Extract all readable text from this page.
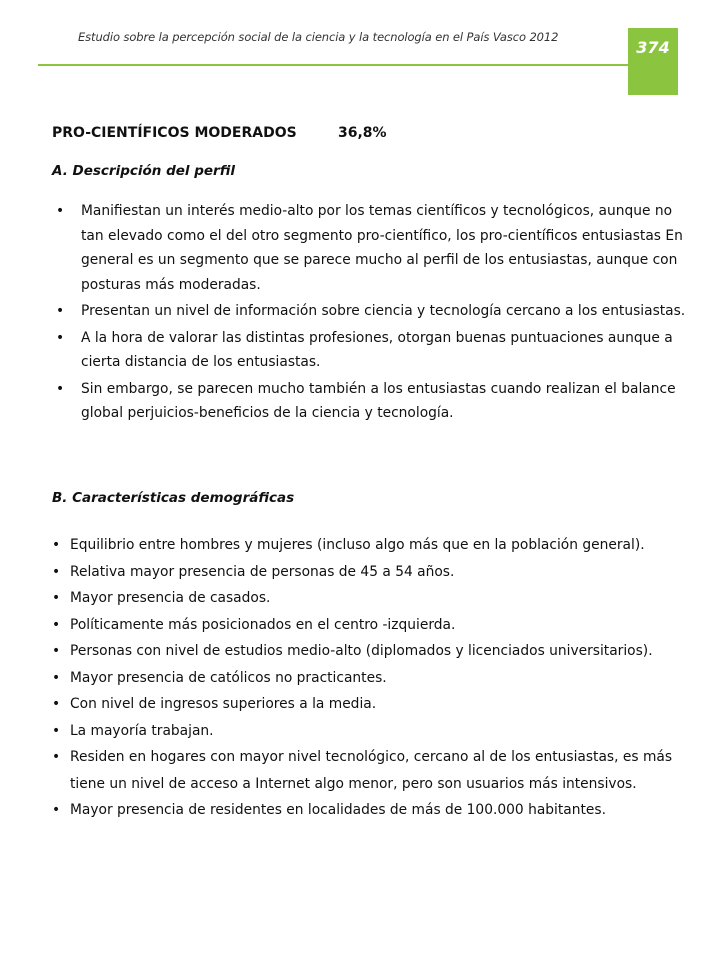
Estudio sobre la percepción social de la ciencia y la tecnología en el País Vasco 2012
374
PRO-CIENTÍFICOS MODERADOS	36,8%
A. Descripción del perfil
• Manifiestan un interés medio-alto por los temas científicos y tecnológicos, aunque no tan elevado como el del otro segmento pro-científico, los pro-científicos entusiastas En general es un segmento que se parece mucho al perfil de los entusiastas, aunque con posturas más moderadas.
• Presentan un nivel de información sobre ciencia y tecnología cercano a los entusiastas.
• A la hora de valorar las distintas profesiones, otorgan buenas puntuaciones aunque a cierta distancia de los entusiastas.
• Sin embargo, se parecen mucho también a los entusiastas cuando realizan el balance global perjuicios-beneficios de la ciencia y tecnología.
B. Características demográficas
• Equilibrio entre hombres y mujeres (incluso algo más que en la población general).
• Relativa mayor presencia de personas de 45 a 54 años.
• Mayor presencia de casados.
• Políticamente más posicionados en el centro -izquierda.
• Personas con nivel de estudios medio-alto (diplomados y licenciados universitarios).
• Mayor presencia de católicos no practicantes.
• Con nivel de ingresos superiores a la media.
• La mayoría trabajan.
• Residen en hogares con mayor nivel tecnológico, cercano al de los entusiastas, es más tiene un nivel de acceso a Internet algo menor, pero son usuarios más intensivos.
• Mayor presencia de residentes en localidades de más de 100.000 habitantes.
